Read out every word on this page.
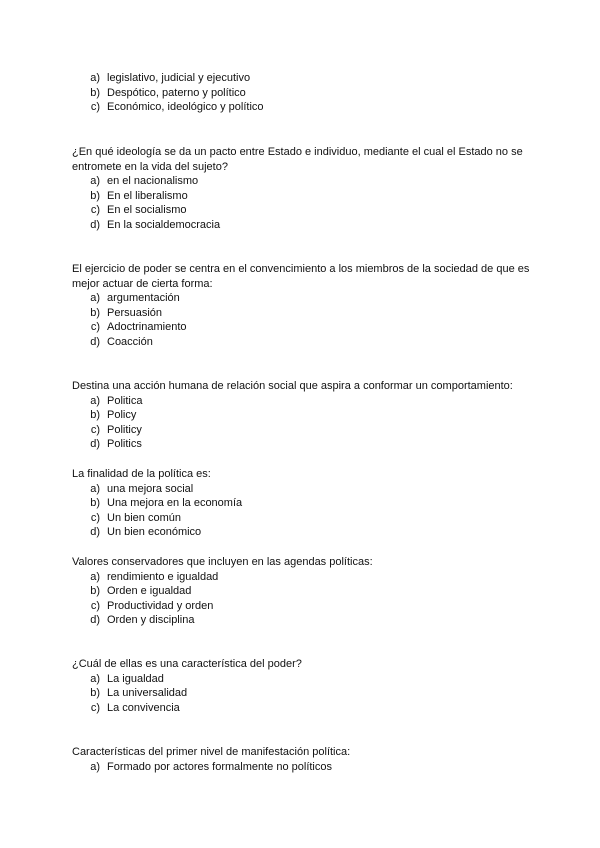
a) legislativo, judicial y ejecutivo
b) Despótico, paterno y político
c) Económico, ideológico y político

¿En qué ideología se da un pacto entre Estado e individuo, mediante el cual el Estado no se entromete en la vida del sujeto?

a) en el nacionalismo
b) En el liberalismo
c) En el socialismo
d) En la socialdemocracia

El ejercicio de poder se centra en el convencimiento a los miembros de la sociedad de que es mejor actuar de cierta forma:

a) argumentación
b) Persuasión
c) Adoctrinamiento
d) Coacción

Destina una acción humana de relación social que aspira a conformar un comportamiento:

a) Politica
b) Policy
c) Politicy
d) Politics

La finalidad de la política es:

a) una mejora social
b) Una mejora en la economía
c) Un bien común
d) Un bien económico

Valores conservadores que incluyen en las agendas políticas:

a) rendimiento e igualdad
b) Orden e igualdad
c) Productividad y orden
d) Orden y disciplina

¿Cuál de ellas es una característica del poder?

a) La igualdad
b) La universalidad
c) La convivencia

Características del primer nivel de manifestación política:

a) Formado por actores formalmente no políticos
